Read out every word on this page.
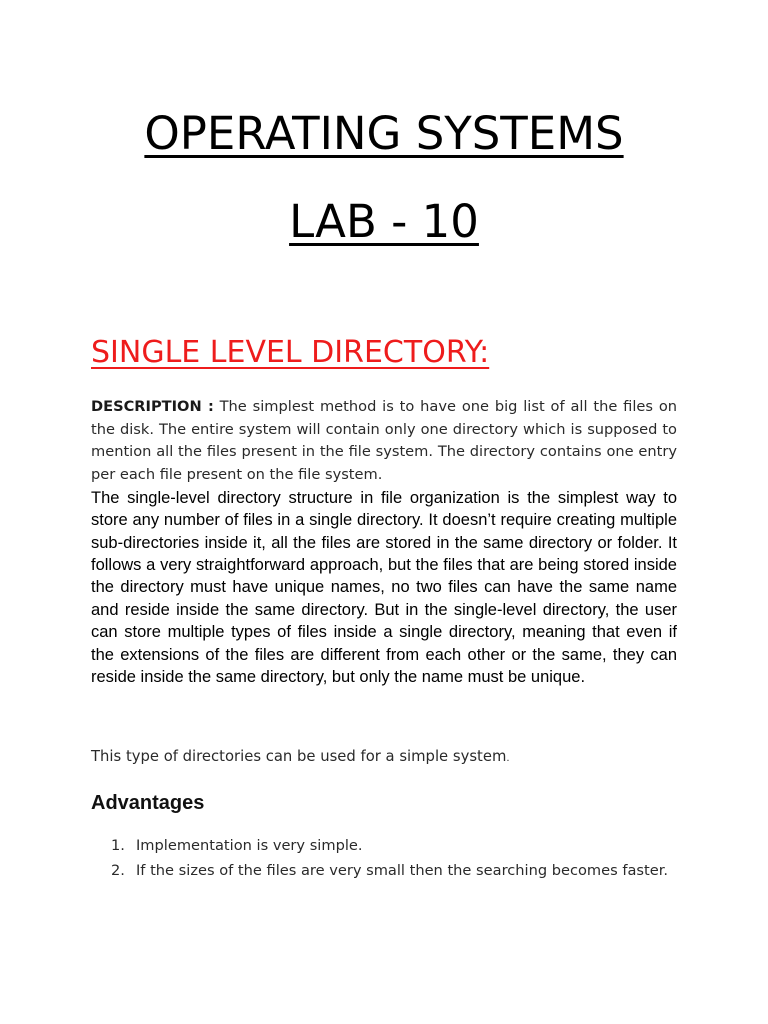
OPERATING SYSTEMS
LAB - 10
SINGLE LEVEL DIRECTORY:

DESCRIPTION : The simplest method is to have one big list of all the files on the disk. The entire system will contain only one directory which is supposed to mention all the files present in the file system. The directory contains one entry per each file present on the file system.

The single-level directory structure in file organization is the simplest way to store any number of files in a single directory. It doesn’t require creating multiple sub-directories inside it, all the files are stored in the same directory or folder. It follows a very straightforward approach, but the files that are being stored inside the directory must have unique names, no two files can have the same name and reside inside the same directory. But in the single-level directory, the user can store multiple types of files inside a single directory, meaning that even if the extensions of the files are different from each other or the same, they can reside inside the same directory, but only the name must be unique.

This type of directories can be used for a simple system.

Advantages
1. Implementation is very simple.
2. If the sizes of the files are very small then the searching becomes faster.
